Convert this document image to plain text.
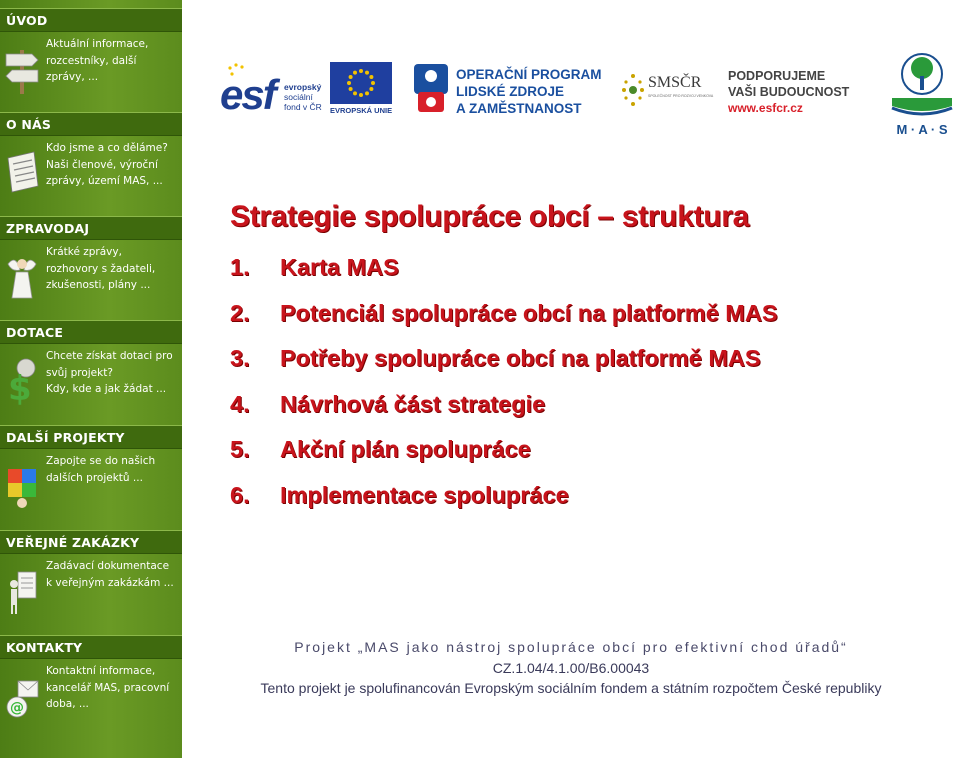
ÚVOD
Aktuální informace,
rozcestníky, další
zprávy, ...
O NÁS
Kdo jsme a co děláme?
Naši členové, výroční
zprávy, území MAS, ...
ZPRAVODAJ
Krátké zprávy,
rozhovory s žadateli,
zkušenosti, plány ...
DOTACE
$
Chcete získat dotaci pro
svůj projekt?
Kdy, kde a jak žádat ...
DALŠÍ PROJEKTY
Zapojte se do našich
dalších projektů ...
VEŘEJNÉ ZAKÁZKY
Zadávací dokumentace
k veřejným zakázkám ...
KONTAKTY
@
Kontaktní informace,
kancelář MAS, pracovní
doba, ...
esf evropský
sociální
fond v ČR EVROPSKÁ UNIE
OPERAČNÍ PROGRAM
LIDSKÉ ZDROJE
A ZAMĚSTNANOST
SMSČR
SPOLEČNOST PRO ROZVOJ VENKOVA
PODPORUJEME
VAŠI BUDOUCNOST
www.esfcr.cz
M · A · S
Strategie spolupráce obcí – struktura
1. Karta MAS
2. Potenciál spolupráce obcí na platformě MAS
3. Potřeby spolupráce obcí na platformě MAS
4. Návrhová část strategie
5. Akční plán spolupráce
6. Implementace spolupráce
Projekt „MAS jako nástroj spolupráce obcí pro efektivní chod úřadů“
CZ.1.04/4.1.00/B6.00043
Tento projekt je spolufinancován Evropským sociálním fondem a státním rozpočtem České republiky
